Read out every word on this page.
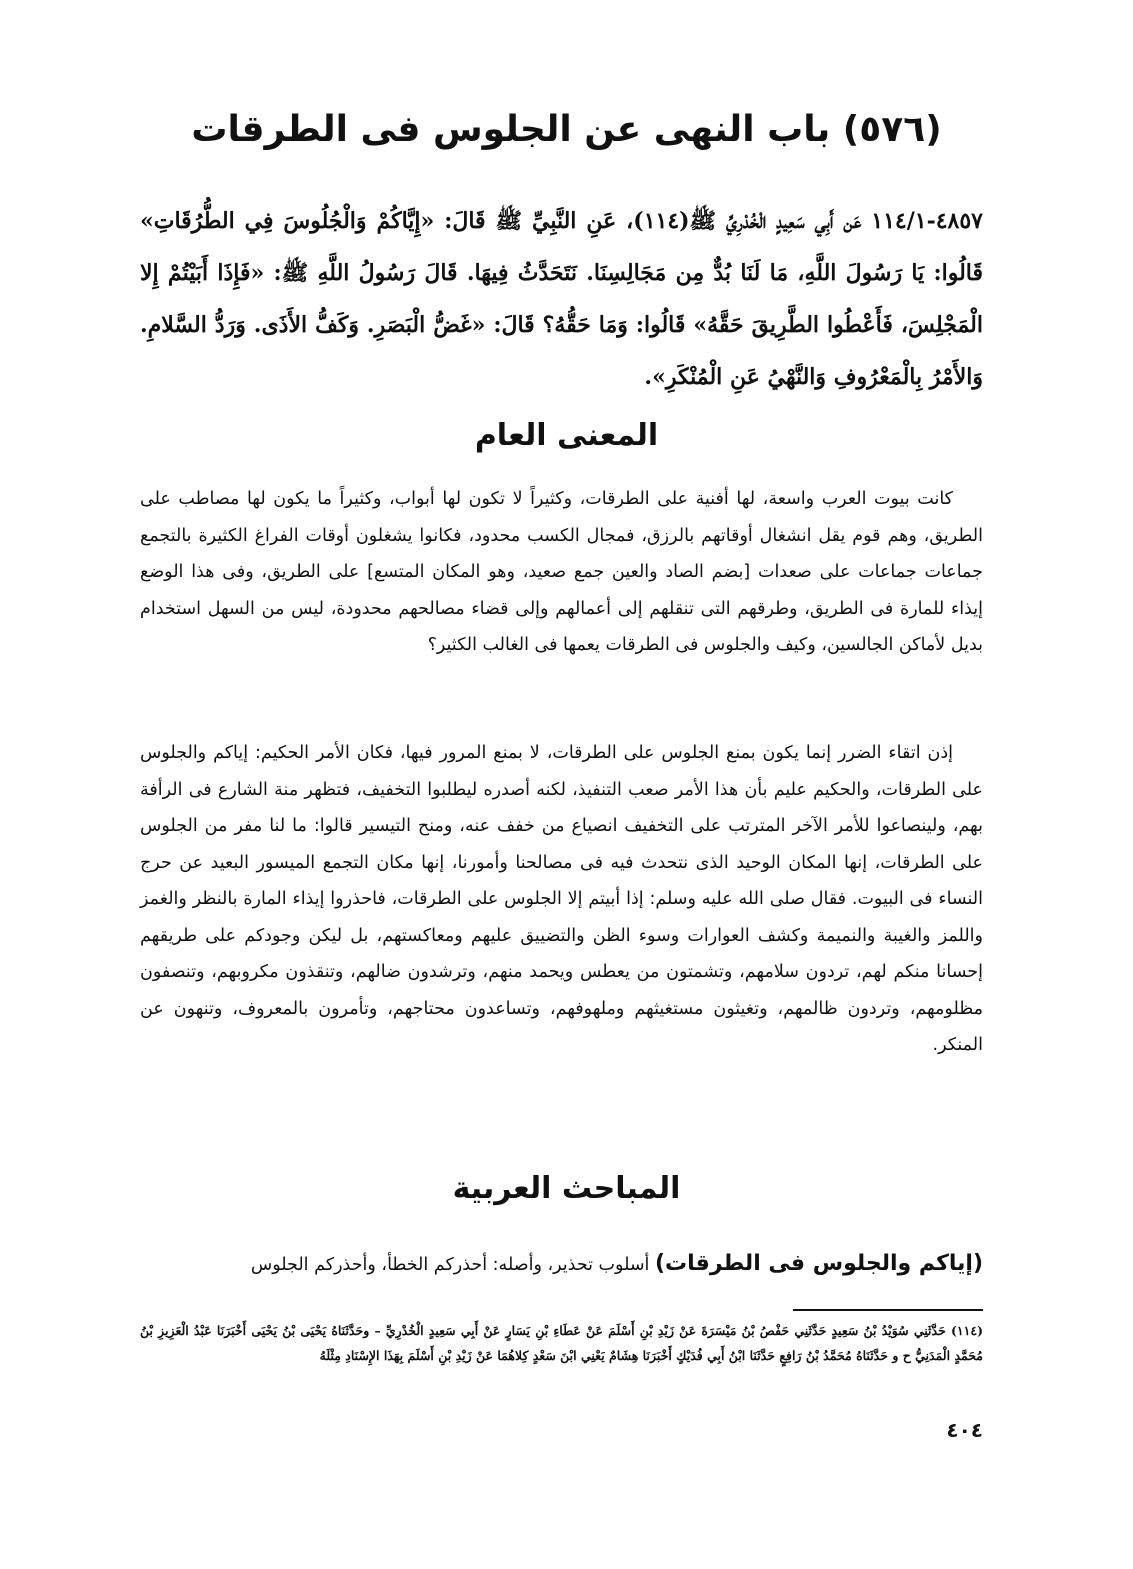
(٥٧٦) باب النهى عن الجلوس فى الطرقات
٤٨٥٧-١١٤/١ عَن أَبِي سَعِيدٍ الْخُدْرِيِّ ﷺ(١١٤)، عَنِ النَّبِيِّ ﷺ قَالَ: «إِيَّاكُمْ وَالْجُلُوسَ فِي الطُّرُقَاتِ» قَالُوا: يَا رَسُولَ اللَّهِ، مَا لَنَا بُدٌّ مِن مَجَالِسِنَا. نَتَحَدَّثُ فِيهَا. قَالَ رَسُولُ اللَّهِ ﷺ: «فَإِذَا أَبَيْتُمْ إِلا الْمَجْلِسَ، فَأَعْطُوا الطَّرِيقَ حَقَّهُ» قَالُوا: وَمَا حَقُّهُ؟ قَالَ: «غَضُّ الْبَصَرِ. وَكَفُّ الأَذَى. وَرَدُّ السَّلامِ. وَالأَمْرُ بِالْمَعْرُوفِ وَالنَّهْيُ عَنِ الْمُنْكَرِ».
المعنى العام

كانت بيوت العرب واسعة، لها أفنية على الطرقات، وكثيراً لا تكون لها أبواب، وكثيراً ما يكون لها مصاطب على الطريق، وهم قوم يقل انشغال أوقاتهم بالرزق، فمجال الكسب محدود، فكانوا يشغلون أوقات الفراغ الكثيرة بالتجمع جماعات جماعات على صعدات [بضم الصاد والعين جمع صعيد، وهو المكان المتسع] على الطريق، وفى هذا الوضع إيذاء للمارة فى الطريق، وطرقهم التى تنقلهم إلى أعمالهم وإلى قضاء مصالحهم محدودة، ليس من السهل استخدام بديل لأماكن الجالسين، وكيف والجلوس فى الطرقات يعمها فى الغالب الكثير؟

إذن اتقاء الضرر إنما يكون بمنع الجلوس على الطرقات، لا بمنع المرور فيها، فكان الأمر الحكيم: إياكم والجلوس على الطرقات، والحكيم عليم بأن هذا الأمر صعب التنفيذ، لكنه أصدره ليطلبوا التخفيف، فتظهر منة الشارع فى الرأفة بهم، ولينصاعوا للأمر الآخر المترتب على التخفيف انصياع من خفف عنه، ومنح التيسير قالوا: ما لنا مفر من الجلوس على الطرقات، إنها المكان الوحيد الذى نتحدث فيه فى مصالحنا وأمورنا، إنها مكان التجمع الميسور البعيد عن حرج النساء فى البيوت. فقال صلى الله عليه وسلم: إذا أبيتم إلا الجلوس على الطرقات، فاحذروا إيذاء المارة بالنظر والغمز واللمز والغيبة والنميمة وكشف العوارات وسوء الظن والتضييق عليهم ومعاكستهم، بل ليكن وجودكم على طريقهم إحسانا منكم لهم، تردون سلامهم، وتشمتون من يعطس ويحمد منهم، وترشدون ضالهم، وتنقذون مكروبهم، وتنصفون مظلومهم، وتردون ظالمهم، وتغيثون مستغيثهم وملهوفهم، وتساعدون محتاجهم، وتأمرون بالمعروف، وتنهون عن المنكر.

المباحث العربية
(إياكم والجلوس فى الطرقات) أسلوب تحذير، وأصله: أحذركم الخطأ، وأحذركم الجلوس
(١١٤) حَدَّثَنِي سُوَيْدُ بْنُ سَعِيدٍ حَدَّثَنِي حَفْصُ بْنُ مَيْسَرَةَ عَنْ زَيْدِ بْنِ أَسْلَمَ عَنْ عَطَاءِ بْنِ يَسَارٍ عَنْ أَبِي سَعِيدٍ الْخُدْرِيِّ – وحَدَّثَنَاهُ يَحْيَى بْنُ يَحْيَى أَخْبَرَنَا عَبْدُ الْعَزِيزِ بْنُ مُحَمَّدٍ الْمَدَنِيُّ ح و حَدَّثَنَاهُ مُحَمَّدُ بْنُ رَافِعٍ حَدَّثَنَا ابْنُ أَبِي فُدَيْكٍ أَخْبَرَنَا هِشَامٌ يَعْنِي ابْنَ سَعْدٍ كِلاهُمَا عَنْ زَيْدِ بْنِ أَسْلَمَ بِهَذَا الإِسْنَادِ مِثْلَهُ
٤٠٤
